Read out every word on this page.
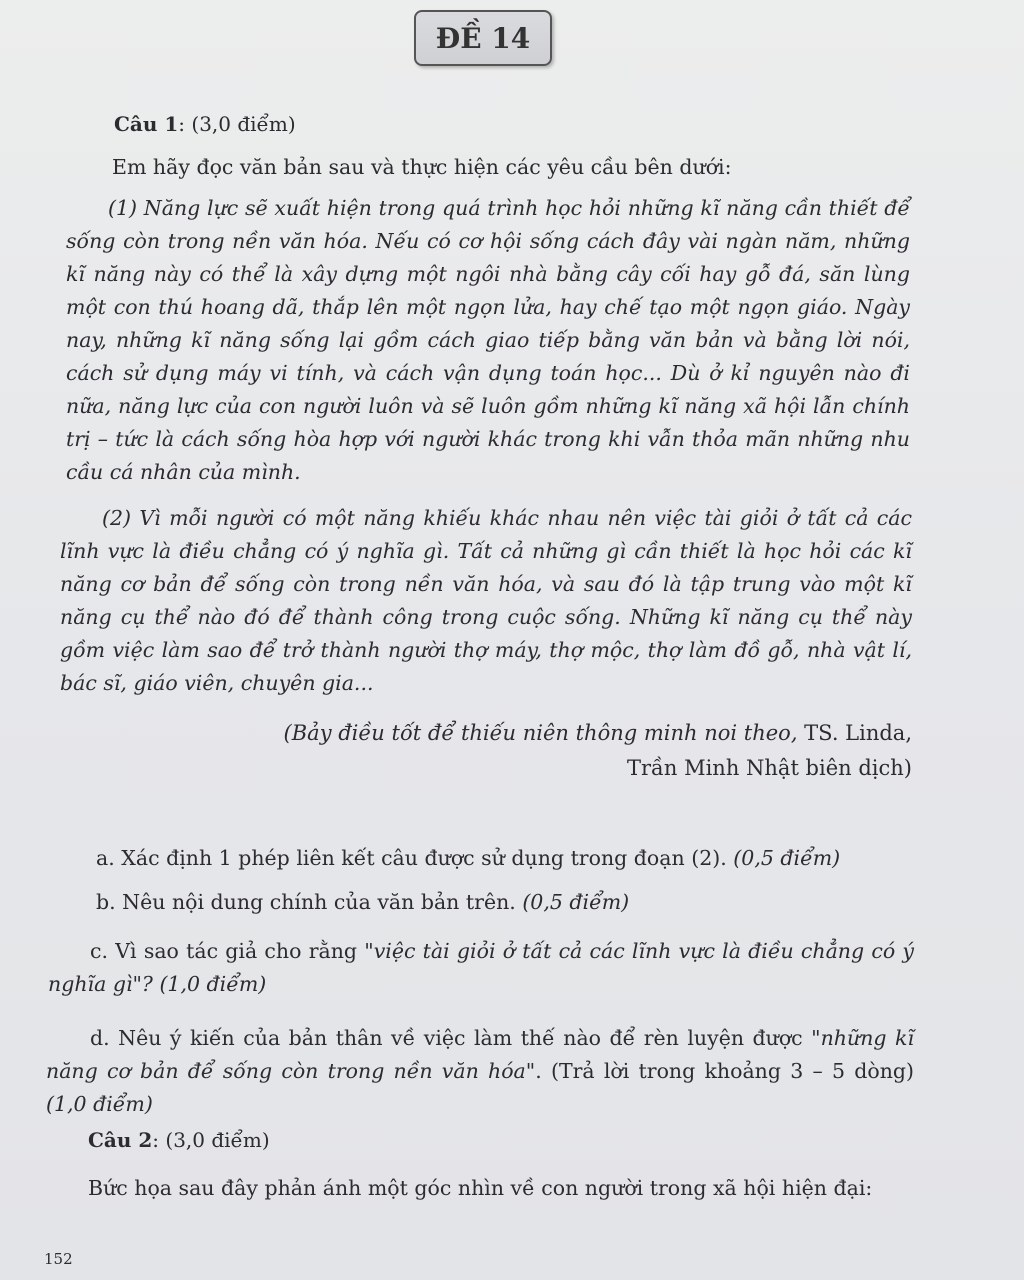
ĐỀ 14
Câu 1: (3,0 điểm)
Em hãy đọc văn bản sau và thực hiện các yêu cầu bên dưới:
(1) Năng lực sẽ xuất hiện trong quá trình học hỏi những kĩ năng cần thiết để sống còn trong nền văn hóa. Nếu có cơ hội sống cách đây vài ngàn năm, những kĩ năng này có thể là xây dựng một ngôi nhà bằng cây cối hay gỗ đá, săn lùng một con thú hoang dã, thắp lên một ngọn lửa, hay chế tạo một ngọn giáo. Ngày nay, những kĩ năng sống lại gồm cách giao tiếp bằng văn bản và bằng lời nói, cách sử dụng máy vi tính, và cách vận dụng toán học... Dù ở kỉ nguyên nào đi nữa, năng lực của con người luôn và sẽ luôn gồm những kĩ năng xã hội lẫn chính trị – tức là cách sống hòa hợp với người khác trong khi vẫn thỏa mãn những nhu cầu cá nhân của mình.
(2) Vì mỗi người có một năng khiếu khác nhau nên việc tài giỏi ở tất cả các lĩnh vực là điều chẳng có ý nghĩa gì. Tất cả những gì cần thiết là học hỏi các kĩ năng cơ bản để sống còn trong nền văn hóa, và sau đó là tập trung vào một kĩ năng cụ thể nào đó để thành công trong cuộc sống. Những kĩ năng cụ thể này gồm việc làm sao để trở thành người thợ máy, thợ mộc, thợ làm đồ gỗ, nhà vật lí, bác sĩ, giáo viên, chuyên gia...
(Bảy điều tốt để thiếu niên thông minh noi theo, TS. Linda,
Trần Minh Nhật biên dịch)
a. Xác định 1 phép liên kết câu được sử dụng trong đoạn (2). (0,5 điểm)
b. Nêu nội dung chính của văn bản trên. (0,5 điểm)
c. Vì sao tác giả cho rằng "việc tài giỏi ở tất cả các lĩnh vực là điều chẳng có ý nghĩa gì"? (1,0 điểm)
d. Nêu ý kiến của bản thân về việc làm thế nào để rèn luyện được "những kĩ năng cơ bản để sống còn trong nền văn hóa". (Trả lời trong khoảng 3 – 5 dòng) (1,0 điểm)
Câu 2: (3,0 điểm)
Bức họa sau đây phản ánh một góc nhìn về con người trong xã hội hiện đại:
152
